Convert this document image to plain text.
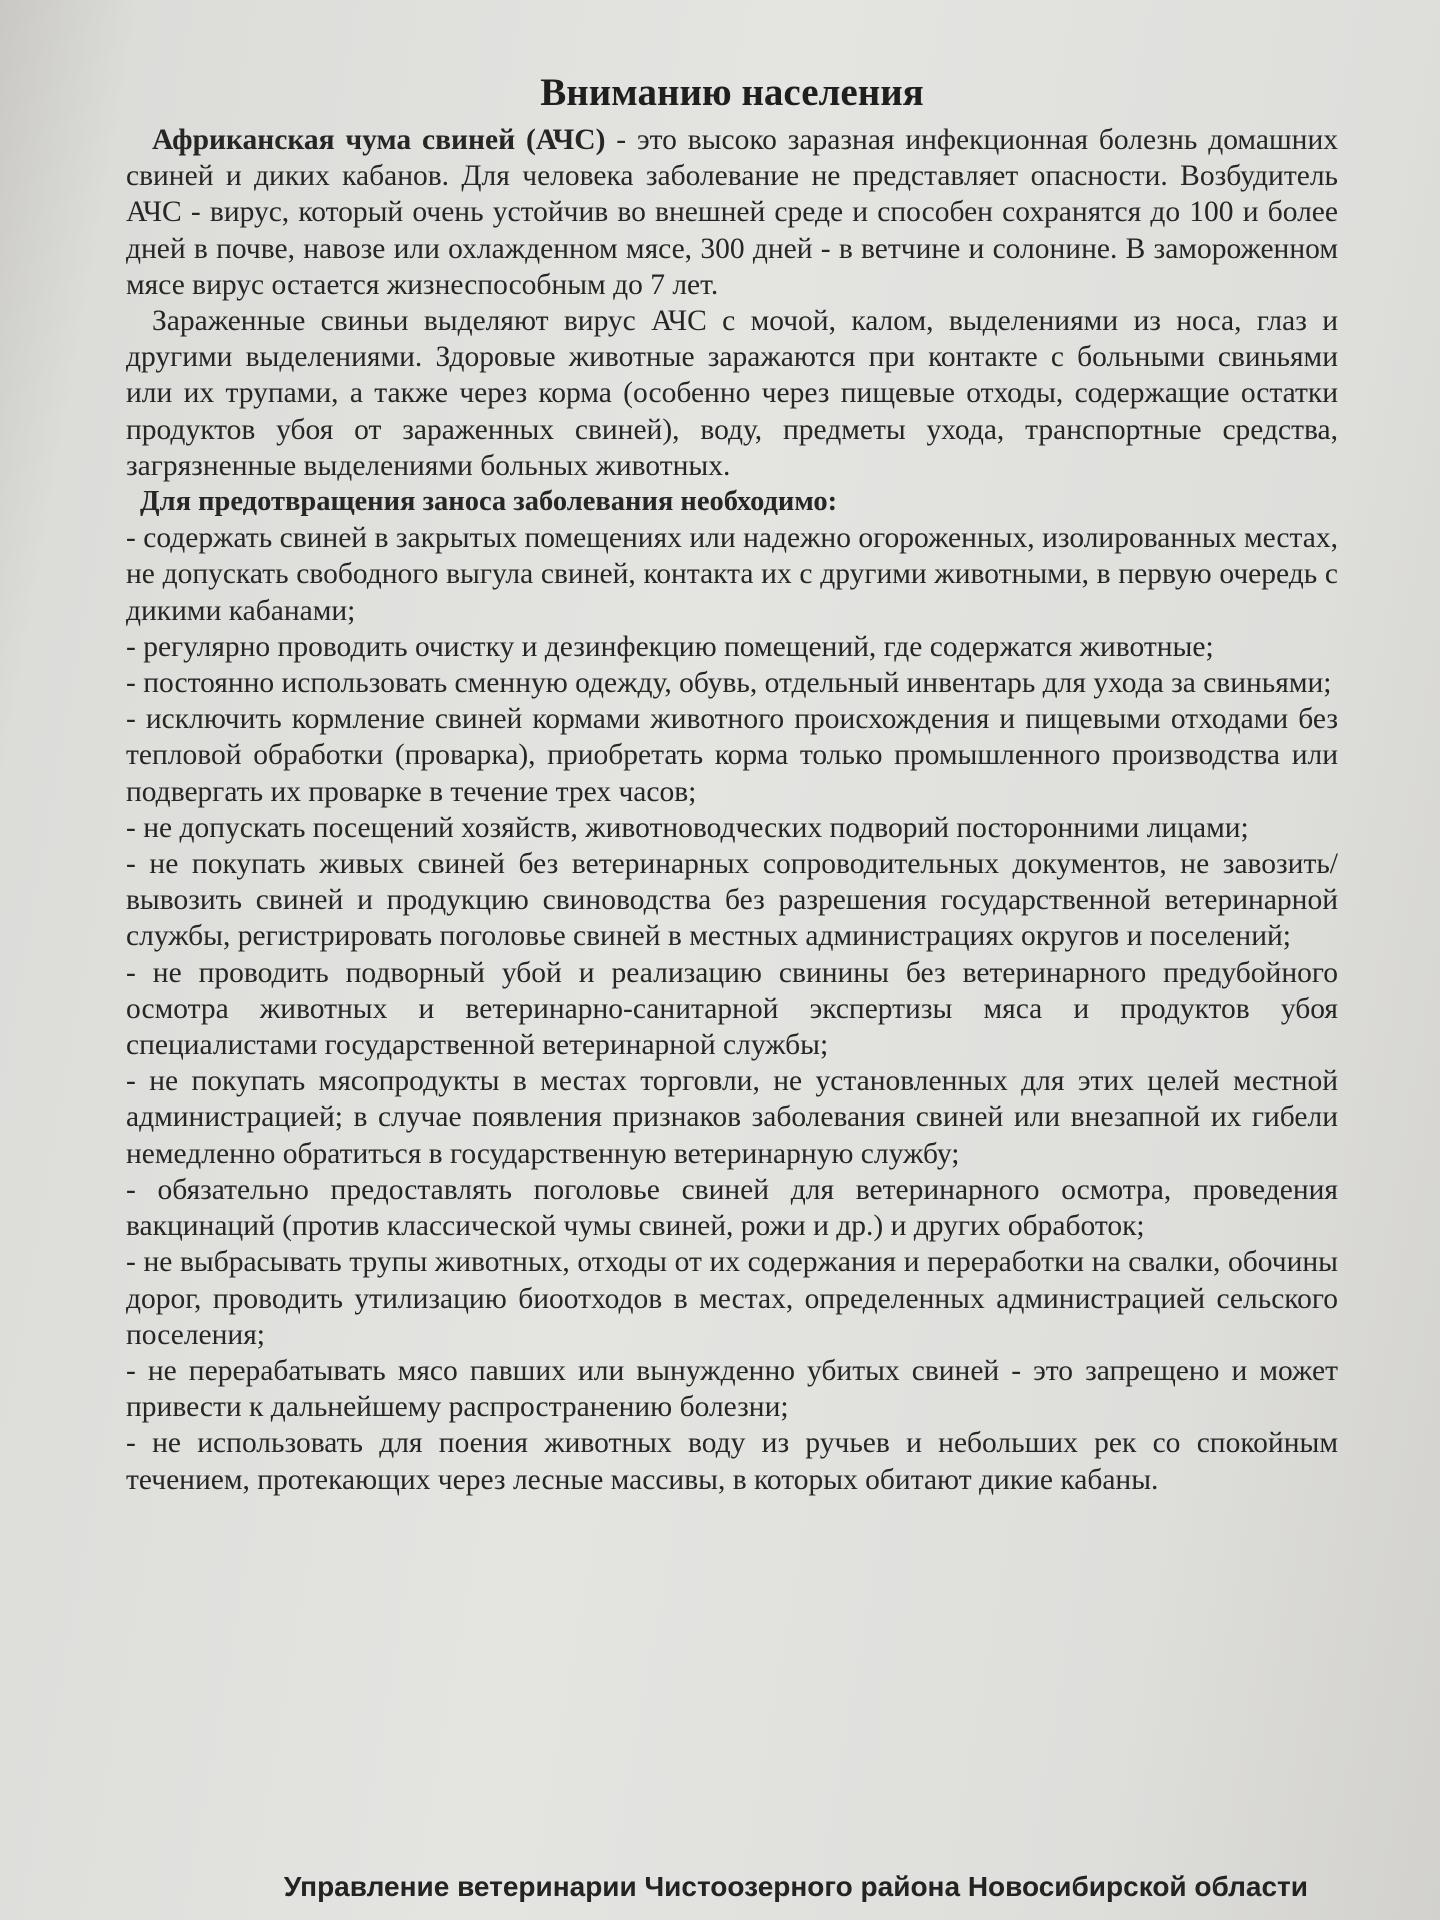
Вниманию населения

Африканская чума свиней (АЧС) - это высоко заразная инфекционная болезнь домашних свиней и диких кабанов. Для человека заболевание не представляет опасности. Возбудитель АЧС - вирус, который очень устойчив во внешней среде и способен сохранятся до 100 и более дней в почве, навозе или охлажденном мясе, 300 дней - в ветчине и солонине. В замороженном мясе вирус остается жизнеспособным до 7 лет.

Зараженные свиньи выделяют вирус АЧС с мочой, калом, выделениями из носа, глаз и другими выделениями. Здоровые животные заражаются при контакте с больными свиньями или их трупами, а также через корма (особенно через пищевые отходы, содержащие остатки продуктов убоя от зараженных свиней), воду, предметы ухода, транспортные средства, загрязненные выделениями больных животных.

Для предотвращения заноса заболевания необходимо:

- содержать свиней в закрытых помещениях или надежно огороженных, изолированных местах, не допускать свободного выгула свиней, контакта их с другими животными, в первую очередь с дикими кабанами;

- регулярно проводить очистку и дезинфекцию помещений, где содержатся животные;

- постоянно использовать сменную одежду, обувь, отдельный инвентарь для ухода за свиньями;

- исключить кормление свиней кормами животного происхождения и пищевыми отходами без тепловой обработки (проварка), приобретать корма только промышленного производства или подвергать их проварке в течение трех часов;

- не допускать посещений хозяйств, животноводческих подворий посторонними лицами;

- не покупать живых свиней без ветеринарных сопроводительных документов, не завозить/вывозить свиней и продукцию свиноводства без разрешения государственной ветеринарной службы, регистрировать поголовье свиней в местных администрациях округов и поселений;

- не проводить подворный убой и реализацию свинины без ветеринарного предубойного осмотра животных и ветеринарно-санитарной экспертизы мяса и продуктов убоя специалистами государственной ветеринарной службы;

- не покупать мясопродукты в местах торговли, не установленных для этих целей местной администрацией; в случае появления признаков заболевания свиней или внезапной их гибели немедленно обратиться в государственную ветеринарную службу;

- обязательно предоставлять поголовье свиней для ветеринарного осмотра, проведения вакцинаций (против классической чумы свиней, рожи и др.) и других обработок;

- не выбрасывать трупы животных, отходы от их содержания и переработки на свалки, обочины дорог, проводить утилизацию биоотходов в местах, определенных администрацией сельского поселения;

- не перерабатывать мясо павших или вынужденно убитых свиней - это запрещено и может привести к дальнейшему распространению болезни;

- не использовать для поения животных воду из ручьев и небольших рек со спокойным течением, протекающих через лесные массивы, в которых обитают дикие кабаны.

Управление ветеринарии Чистоозерного района Новосибирской области
